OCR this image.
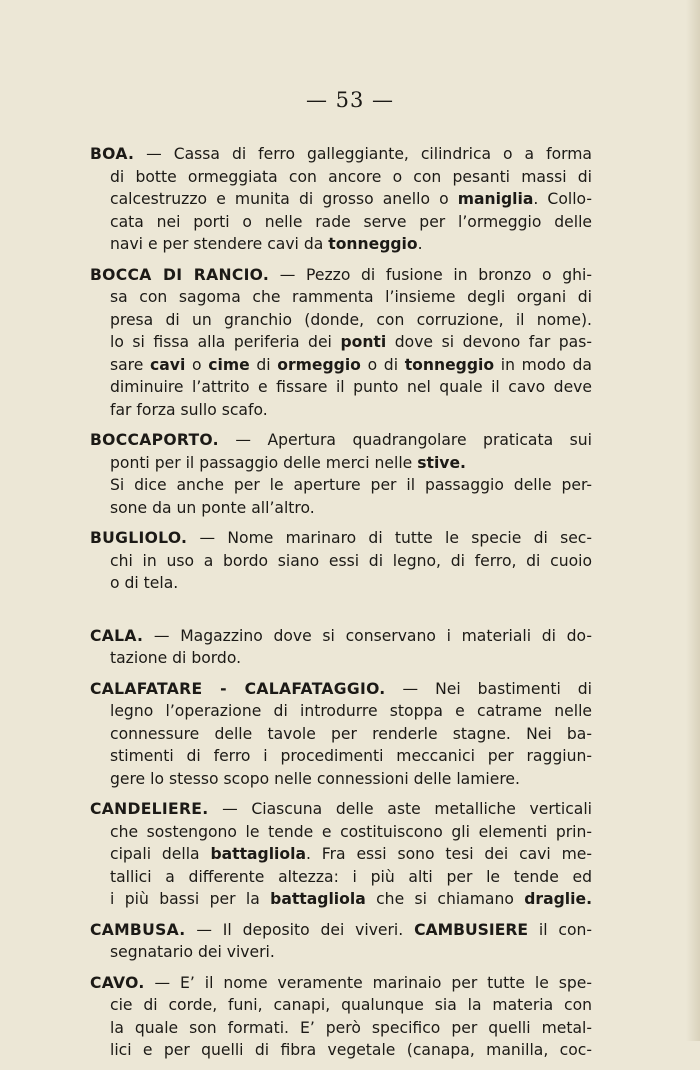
— 53 —
BOA. — Cassa di ferro galleggiante, cilindrica o a forma
di botte ormeggiata con ancore o con pesanti massi di
calcestruzzo e munita di grosso anello o maniglia. Collo-
cata nei porti o nelle rade serve per l’ormeggio delle
navi e per stendere cavi da tonneggio.
BOCCA DI RANCIO. — Pezzo di fusione in bronzo o ghi-
sa con sagoma che rammenta l’insieme degli organi di
presa di un granchio (donde, con corruzione, il nome).
lo si fissa alla periferia dei ponti dove si devono far pas-
sare cavi o cime di ormeggio o di tonneggio in modo da
diminuire l’attrito e fissare il punto nel quale il cavo deve
far forza sullo scafo.
BOCCAPORTO. — Apertura quadrangolare praticata sui
ponti per il passaggio delle merci nelle stive.
Si dice anche per le aperture per il passaggio delle per-
sone da un ponte all’altro.
BUGLIOLO. — Nome marinaro di tutte le specie di sec-
chi in uso a bordo siano essi di legno, di ferro, di cuoio
o di tela.
CALA. — Magazzino dove si conservano i materiali di do-
tazione di bordo.
CALAFATARE - CALAFATAGGIO. — Nei bastimenti di
legno l’operazione di introdurre stoppa e catrame nelle
connessure delle tavole per renderle stagne. Nei ba-
stimenti di ferro i procedimenti meccanici per raggiun-
gere lo stesso scopo nelle connessioni delle lamiere.
CANDELIERE. — Ciascuna delle aste metalliche verticali
che sostengono le tende e costituiscono gli elementi prin-
cipali della battagliola. Fra essi sono tesi dei cavi me-
tallici a differente altezza: i più alti per le tende ed
i più bassi per la battagliola che si chiamano draglie.
CAMBUSA. — Il deposito dei viveri. CAMBUSIERE il con-
segnatario dei viveri.
CAVO. — E’ il nome veramente marinaio per tutte le spe-
cie di corde, funi, canapi, qualunque sia la materia con
la quale son formati. E’ però specifico per quelli metal-
lici e per quelli di fibra vegetale (canapa, manilla, coc-
